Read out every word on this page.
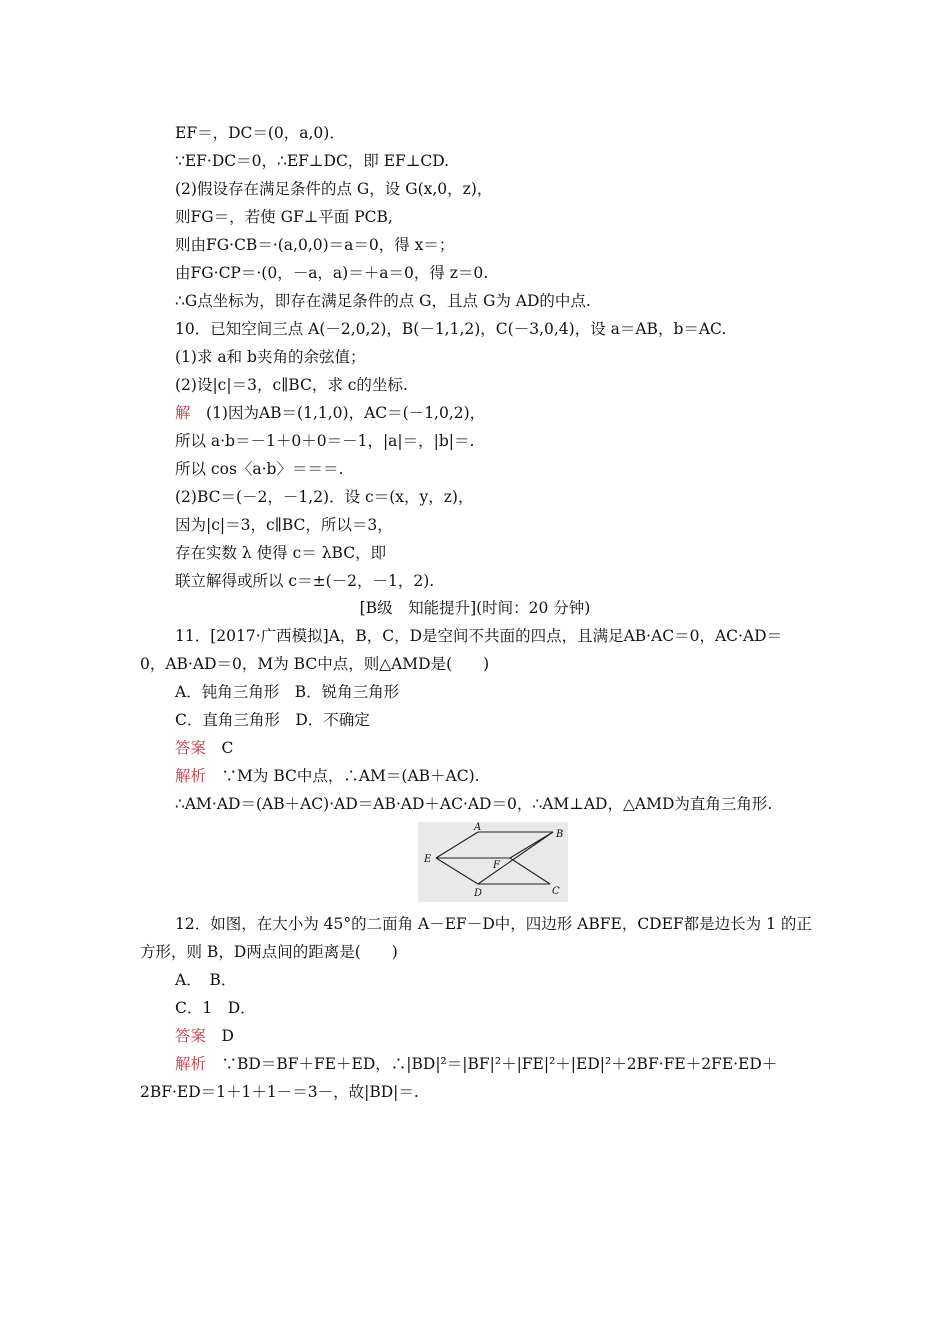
EF＝，DC＝(0，a,0)．
∵EF·DC＝0，∴EF⊥DC，即 EF⊥CD.
(2)假设存在满足条件的点 G，设 G(x,0，z)，
则FG＝，若使 GF⊥平面 PCB,
则由FG·CB＝·(a,0,0)＝a＝0，得 x＝；
由FG·CP＝·(0，－a，a)＝＋a＝0，得 z＝0.
∴G点坐标为，即存在满足条件的点 G，且点 G为 AD的中点.
10．已知空间三点 A(－2,0,2)，B(－1,1,2)，C(－3,0,4)，设 a＝AB，b＝AC.
(1)求 a和 b夹角的余弦值；
(2)设|c|＝3，c∥BC，求 c的坐标.
解　(1)因为AB＝(1,1,0)，AC＝(－1,0,2)，
所以 a·b＝－1＋0＋0＝－1，|a|＝，|b|＝.
所以 cos〈a·b〉＝＝＝.
(2)BC＝(－2，－1,2)．设 c＝(x，y，z)，
因为|c|＝3，c∥BC，所以＝3，
存在实数 λ 使得 c＝ λBC，即
联立解得或所以 c＝±(－2，－1，2).
[B级　知能提升](时间：20 分钟)
11．[2017·广西模拟]A，B，C，D是空间不共面的四点，且满足AB·AC＝0，AC·AD＝
0，AB·AD＝0，M为 BC中点，则△AMD是(　　)
A．钝角三角形　B．锐角三角形
C．直角三角形　D．不确定
答案　C
解析　∵M为 BC中点，∴AM＝(AB＋AC).
∴AM·AD＝(AB＋AC)·AD＝AB·AD＋AC·AD＝0，∴AM⊥AD，△AMD为直角三角形.
A
B
E
F
D	C
12．如图，在大小为 45°的二面角 A－EF－D中，四边形 ABFE，CDEF都是边长为 1 的正
方形，则 B，D两点间的距离是(　　)
A．　B．
C．1　D．
答案　D
解析　∵BD＝BF＋FE＋ED，∴|BD|²＝|BF|²＋|FE|²＋|ED|²＋2BF·FE＋2FE·ED＋
2BF·ED＝1＋1＋1－＝3－，故|BD|＝.
